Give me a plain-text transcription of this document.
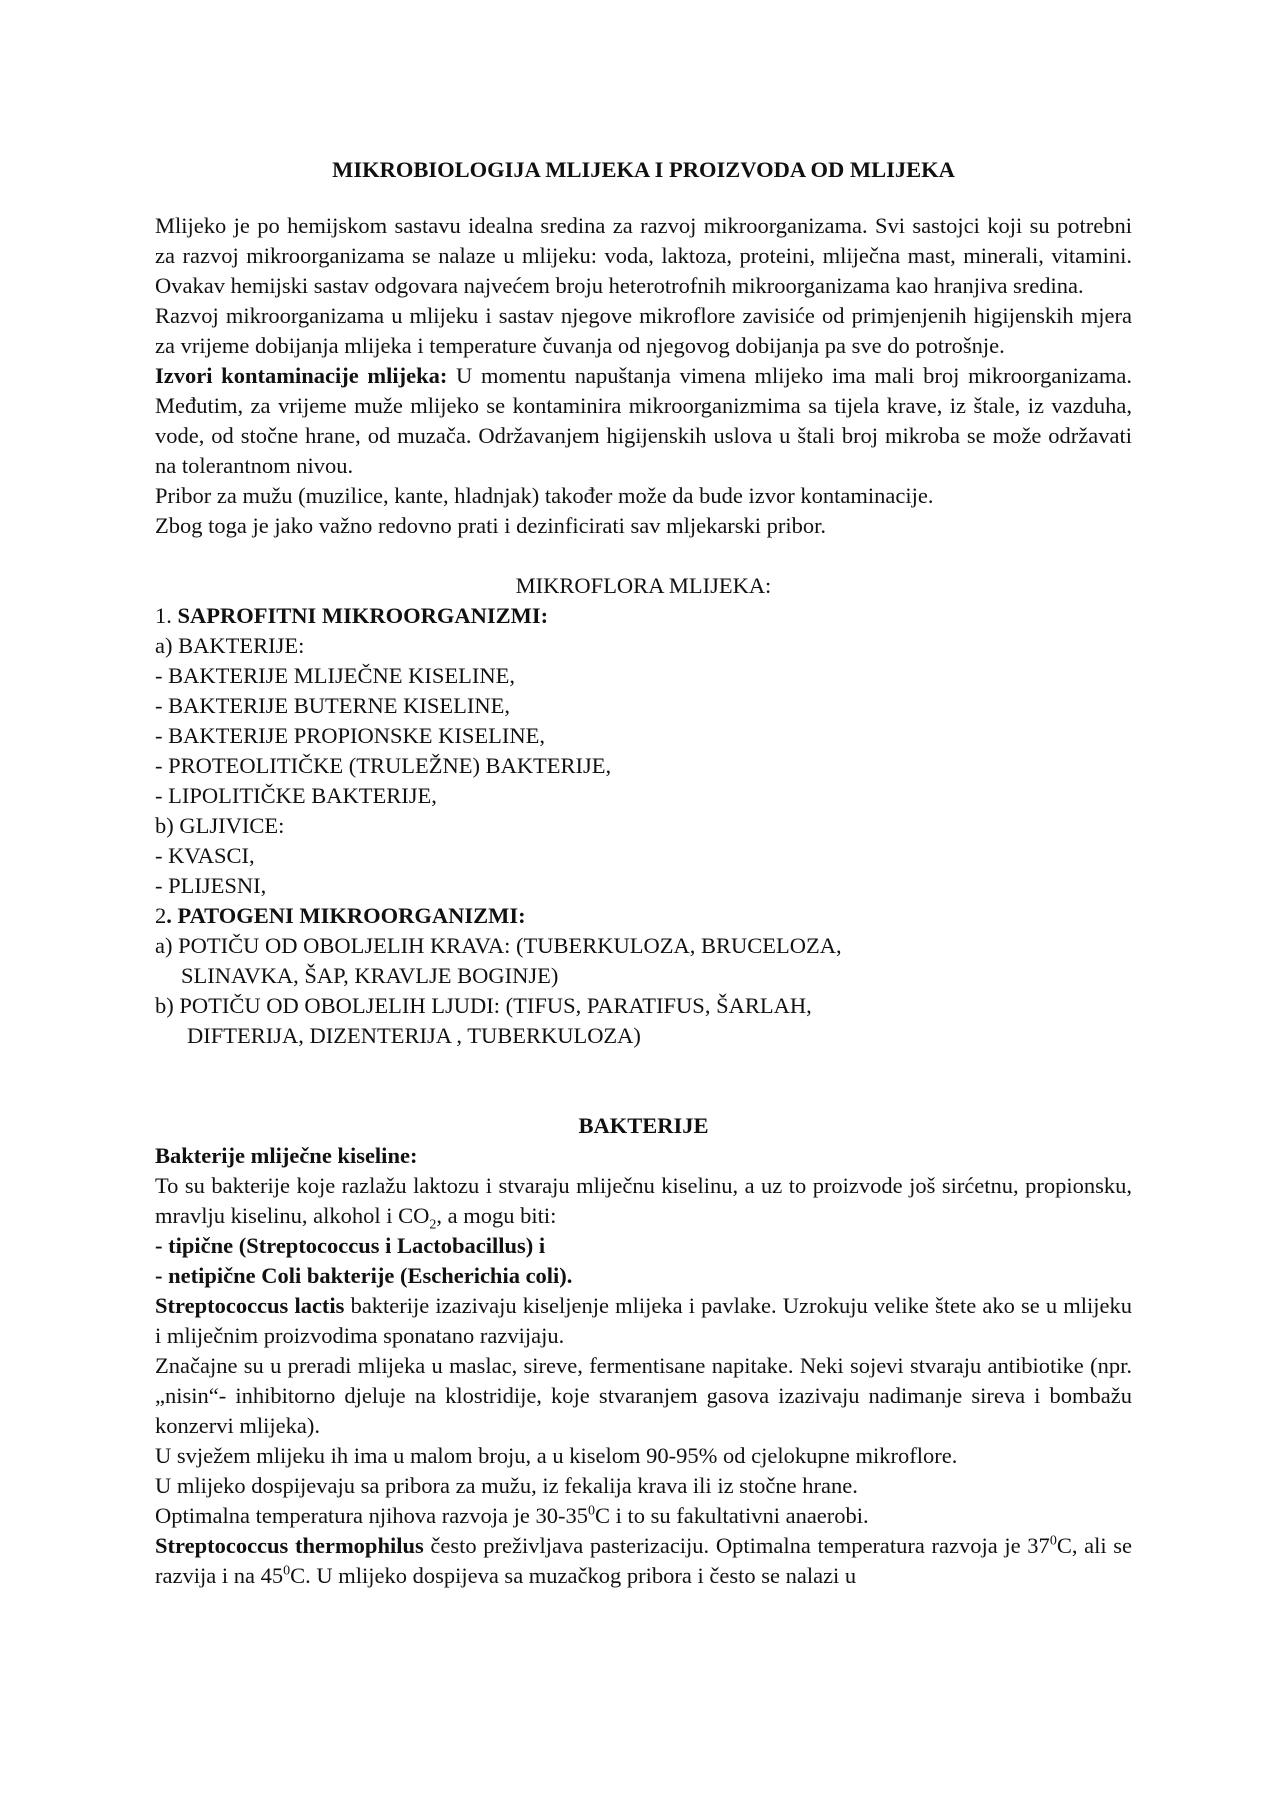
MIKROBIOLOGIJA MLIJEKA I PROIZVODA OD MLIJEKA

Mlijeko je po hemijskom sastavu idealna sredina za razvoj mikroorganizama. Svi sastojci koji su potrebni za razvoj mikroorganizama se nalaze u mlijeku: voda, laktoza, proteini, mliječna mast, minerali, vitamini. Ovakav hemijski sastav odgovara najvećem broju heterotrofnih mikroorganizama kao hranjiva sredina.

Razvoj mikroorganizama u mlijeku i sastav njegove mikroflore zavisiće od primjenjenih higijenskih mjera za vrijeme dobijanja mlijeka i temperature čuvanja od njegovog dobijanja pa sve do potrošnje.

Izvori kontaminacije mlijeka: U momentu napuštanja vimena mlijeko ima mali broj mikroorganizama. Međutim, za vrijeme muže mlijeko se kontaminira mikroorganizmima sa tijela krave, iz štale, iz vazduha, vode, od stočne hrane, od muzača. Održavanjem higijenskih uslova u štali broj mikroba se može održavati na tolerantnom nivou.

Pribor za mužu (muzilice, kante, hladnjak) također može da bude izvor kontaminacije.

Zbog toga je jako važno redovno prati i dezinficirati sav mljekarski pribor.

MIKROFLORA MLIJEKA:

1. SAPROFITNI MIKROORGANIZMI:

a) BAKTERIJE:

- BAKTERIJE MLIJEČNE KISELINE,

- BAKTERIJE BUTERNE KISELINE,

- BAKTERIJE PROPIONSKE KISELINE,

- PROTEOLITIČKE (TRULEŽNE) BAKTERIJE,

- LIPOLITIČKE BAKTERIJE,

b) GLJIVICE:

- KVASCI,

- PLIJESNI,

2. PATOGENI MIKROORGANIZMI:

a) POTIČU OD OBOLJELIH KRAVA: (TUBERKULOZA, BRUCELOZA,

SLINAVKA, ŠAP, KRAVLJE BOGINJE)

b) POTIČU OD OBOLJELIH LJUDI: (TIFUS, PARATIFUS, ŠARLAH,

DIFTERIJA, DIZENTERIJA , TUBERKULOZA)

BAKTERIJE

Bakterije mliječne kiseline:

To su bakterije koje razlažu laktozu i stvaraju mliječnu kiselinu, a uz to proizvode još sirćetnu, propionsku, mravlju kiselinu, alkohol i $CO_2$, a mogu biti:

- tipične (Streptococcus i Lactobacillus) i

- netipične Coli bakterije (Escherichia coli).

Streptococcus lactis bakterije izazivaju kiseljenje mlijeka i pavlake. Uzrokuju velike štete ako se u mlijeku i mliječnim proizvodima sponatano razvijaju.

Značajne su u preradi mlijeka u maslac, sireve, fermentisane napitake. Neki sojevi stvaraju antibiotike (npr. „nisin“- inhibitorno djeluje na klostridije, koje stvaranjem gasova izazivaju nadimanje sireva i bombažu konzervi mlijeka).

U svježem mlijeku ih ima u malom broju, a u kiselom 90-95% od cjelokupne mikroflore.

U mlijeko dospijevaju sa pribora za mužu, iz fekalija krava ili iz stočne hrane.

Optimalna temperatura njihova razvoja je $30-35^0C$ i to su fakultativni anaerobi.

Streptococcus thermophilus često preživljava pasterizaciju. Optimalna temperatura razvoja je $37^0C$, ali se razvija i na $45^0C$. U mlijeko dospijeva sa muzačkog pribora i često se nalazi u
